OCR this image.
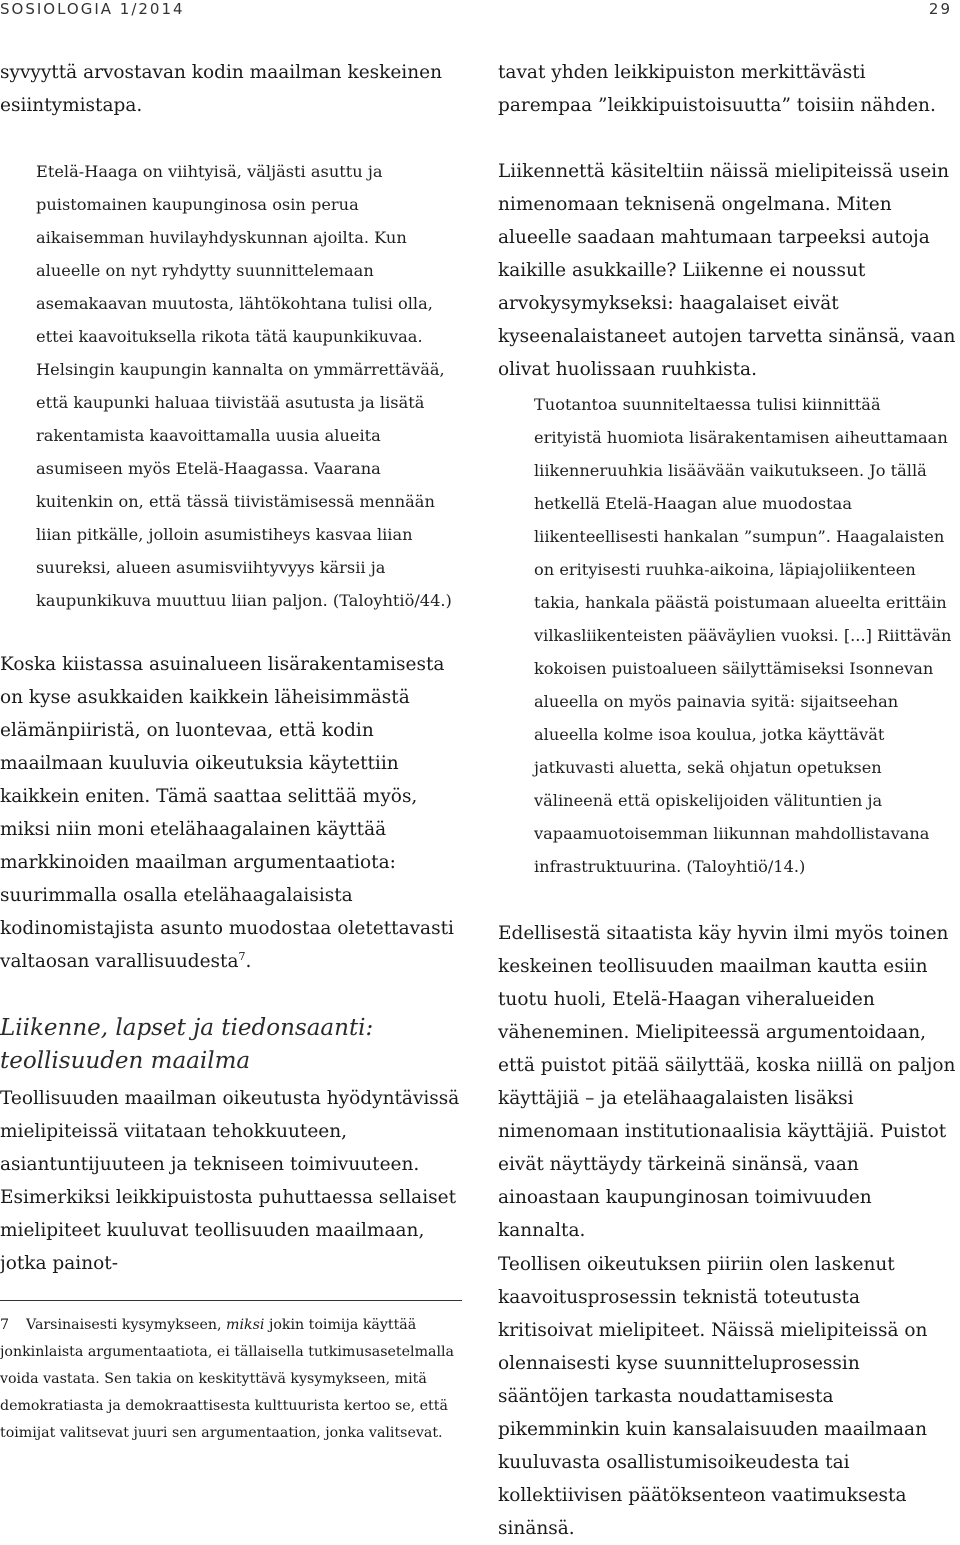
SOSIOLOGIA 1/2014	29

syvyyttä arvostavan kodin maailman keskeinen esiintymistapa.

Etelä-Haaga on viihtyisä, väljästi asuttu ja puistomainen kaupunginosa osin perua aikaisemman huvilayhdyskunnan ajoilta. Kun alueelle on nyt ryhdytty suunnittelemaan asemakaavan muutosta, lähtökohtana tulisi olla, ettei kaavoituksella rikota tätä kaupunkikuvaa. Helsingin kaupungin kannalta on ymmärrettävää, että kaupunki haluaa tiivistää asutusta ja lisätä rakentamista kaavoittamalla uusia alueita asumiseen myös Etelä-Haagassa. Vaarana kuitenkin on, että tässä tiivistämisessä mennään liian pitkälle, jolloin asumistiheys kasvaa liian suureksi, alueen asumisviihtyvyys kärsii ja kaupunkikuva muuttuu liian paljon. (Taloyhtiö/44.)

Koska kiistassa asuinalueen lisärakentamisesta on kyse asukkaiden kaikkein läheisimmästä elämänpiiristä, on luontevaa, että kodin maailmaan kuuluvia oikeutuksia käytettiin kaikkein eniten. Tämä saattaa selittää myös, miksi niin moni etelähaagalainen käyttää markkinoiden maailman argumentaatiota: suurimmalla osalla etelähaagalaisista kodinomistajista asunto muodostaa oletettavasti valtaosan varallisuudesta$^7$.

Liikenne, lapset ja tiedonsaanti:
teollisuuden maailma

Teollisuuden maailman oikeutusta hyödyntävissä mielipiteissä viitataan tehokkuuteen, asiantuntijuuteen ja tekniseen toimivuuteen. Esimerkiksi leikkipuistosta puhuttaessa sellaiset mielipiteet kuuluvat teollisuuden maailmaan, jotka painot-

7 Varsinaisesti kysymykseen, miksi jokin toimija käyttää jonkinlaista argumentaatiota, ei tällaisella tutkimusasetelmalla voida vastata. Sen takia on keskityttävä kysymykseen, mitä demokratiasta ja demokraattisesta kulttuurista kertoo se, että toimijat valitsevat juuri sen argumentaation, jonka valitsevat.

tavat yhden leikkipuiston merkittävästi parempaa ”leikkipuistoisuutta” toisiin nähden.

Liikennettä käsiteltiin näissä mielipiteissä usein nimenomaan teknisenä ongelmana. Miten alueelle saadaan mahtumaan tarpeeksi autoja kaikille asukkaille? Liikenne ei noussut arvokysymykseksi: haagalaiset eivät kyseenalaistaneet autojen tarvetta sinänsä, vaan olivat huolissaan ruuhkista.

Tuotantoa suunniteltaessa tulisi kiinnittää erityistä huomiota lisärakentamisen aiheuttamaan liikenneruuhkia lisäävään vaikutukseen. Jo tällä hetkellä Etelä-Haagan alue muodostaa liikenteellisesti hankalan ”sumpun”. Haagalaisten on erityisesti ruuhka-aikoina, läpiajoliikenteen takia, hankala päästä poistumaan alueelta erittäin vilkasliikenteisten pääväylien vuoksi. [...] Riittävän kokoisen puistoalueen säilyttämiseksi Isonnevan alueella on myös painavia syitä: sijaitseehan alueella kolme isoa koulua, jotka käyttävät jatkuvasti aluetta, sekä ohjatun opetuksen välineenä että opiskelijoiden välituntien ja vapaamuotoisemman liikunnan mahdollistavana infrastruktuurina. (Taloyhtiö/14.)

Edellisestä sitaatista käy hyvin ilmi myös toinen keskeinen teollisuuden maailman kautta esiin tuotu huoli, Etelä-Haagan viheralueiden väheneminen. Mielipiteessä argumentoidaan, että puistot pitää säilyttää, koska niillä on paljon käyttäjiä – ja etelähaagalaisten lisäksi nimenomaan institutionaalisia käyttäjiä. Puistot eivät näyttäydy tärkeinä sinänsä, vaan ainoastaan kaupunginosan toimivuuden kannalta.

Teollisen oikeutuksen piiriin olen laskenut kaavoitusprosessin teknistä toteutusta kritisoivat mielipiteet. Näissä mielipiteissä on olennaisesti kyse suunnitteluprosessin sääntöjen tarkasta noudattamisesta pikemminkin kuin kansalaisuuden maailmaan kuuluvasta osallistumisoikeudesta tai kollektiivisen päätöksenteon vaatimuksesta sinänsä.
